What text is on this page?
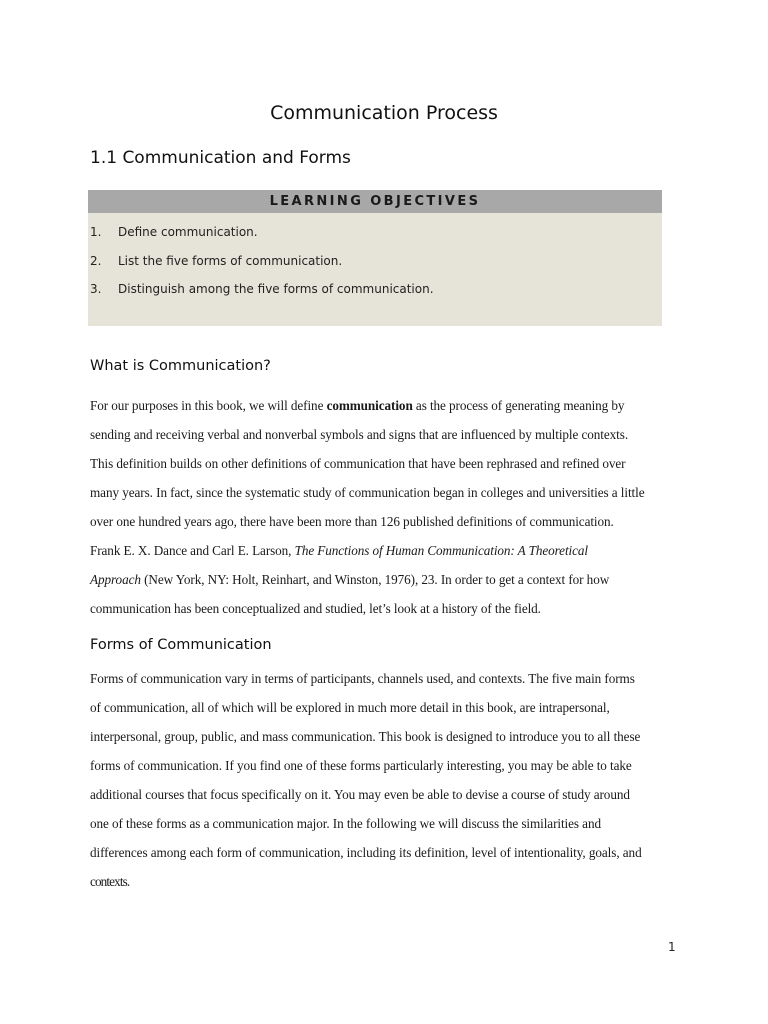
Communication Process
1.1 Communication and Forms
LEARNING OBJECTIVES
1. Define communication.
2. List the five forms of communication.
3. Distinguish among the five forms of communication.
What is Communication?

For our purposes in this book, we will define communication as the process of generating meaning by
sending and receiving verbal and nonverbal symbols and signs that are influenced by multiple contexts.
This definition builds on other definitions of communication that have been rephrased and refined over
many years. In fact, since the systematic study of communication began in colleges and universities a little
over one hundred years ago, there have been more than 126 published definitions of communication.
Frank E. X. Dance and Carl E. Larson, The Functions of Human Communication: A Theoretical
Approach (New York, NY: Holt, Reinhart, and Winston, 1976), 23. In order to get a context for how
communication has been conceptualized and studied, let’s look at a history of the field.

Forms of Communication

Forms of communication vary in terms of participants, channels used, and contexts. The five main forms
of communication, all of which will be explored in much more detail in this book, are intrapersonal,
interpersonal, group, public, and mass communication. This book is designed to introduce you to all these
forms of communication. If you find one of these forms particularly interesting, you may be able to take
additional courses that focus specifically on it. You may even be able to devise a course of study around
one of these forms as a communication major. In the following we will discuss the similarities and
differences among each form of communication, including its definition, level of intentionality, goals, and
contexts.

1
